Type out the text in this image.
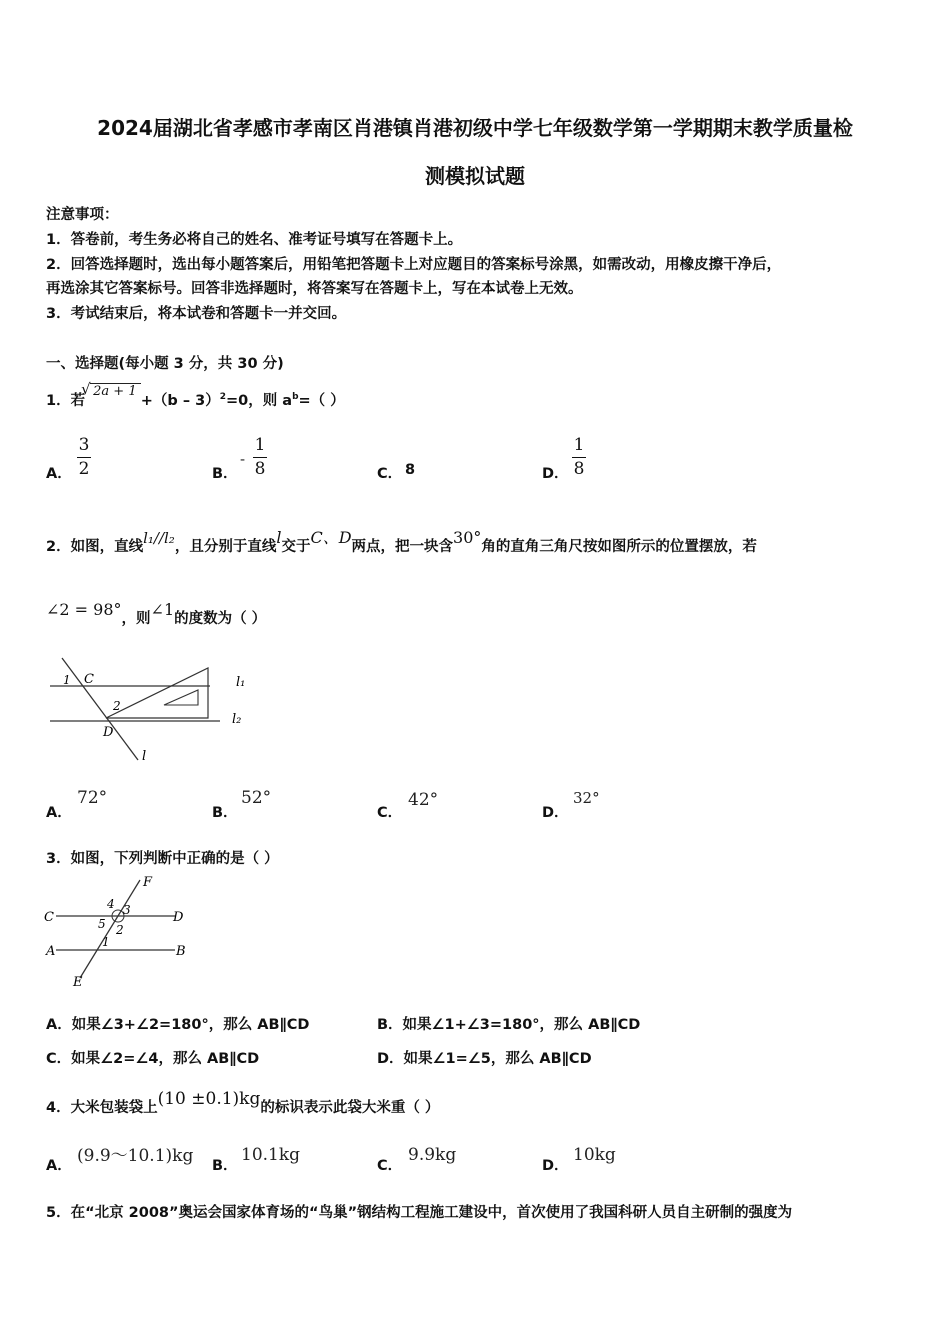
2024届湖北省孝感市孝南区肖港镇肖港初级中学七年级数学第一学期期末教学质量检
测模拟试题
注意事项：
1．答卷前，考生务必将自己的姓名、准考证号填写在答题卡上。
2．回答选择题时，选出每小题答案后，用铅笔把答题卡上对应题目的答案标号涂黑，如需改动，用橡皮擦干净后，
再选涂其它答案标号。回答非选择题时，将答案写在答题卡上，写在本试卷上无效。
3．考试结束后，将本试卷和答题卡一并交回。
一、选择题(每小题 3 分，共 30 分)
1．若
√ 2a + 1 +（b – 3）$^2$=0，则 $a^b=$（ ）
A．
3
2	B．
-
1
8	C． 8	D．
1
8
2．如图，直线l₁//l₂，且分别于直线l交于C、D两点，把一块含30°角的直角三角尺按如图所示的位置摆放，若
∠2 = 98°，则∠1的度数为（ ）
1 C
2
D
l
l₁
l₂
A．
72°
B．
52°
C．
42°
D．
32°
3．如图，下列判断中正确的是（ ）
F
C	D
A	B
E
4 3
5 2
1
A．如果∠3+∠2=180°，那么 AB∥CD	B．如果∠1+∠3=180°，那么 AB∥CD
C．如果∠2=∠4，那么 AB∥CD	D．如果∠1=∠5，那么 AB∥CD
4．大米包装袋上(10 ±0.1)kg的标识表示此袋大米重（ ）
A． (9.9～10.1)kg B．
10.1kg
C．
9.9kg
D．
10kg
5．在“北京 2008”奥运会国家体育场的“鸟巢”钢结构工程施工建设中，首次使用了我国科研人员自主研制的强度为
